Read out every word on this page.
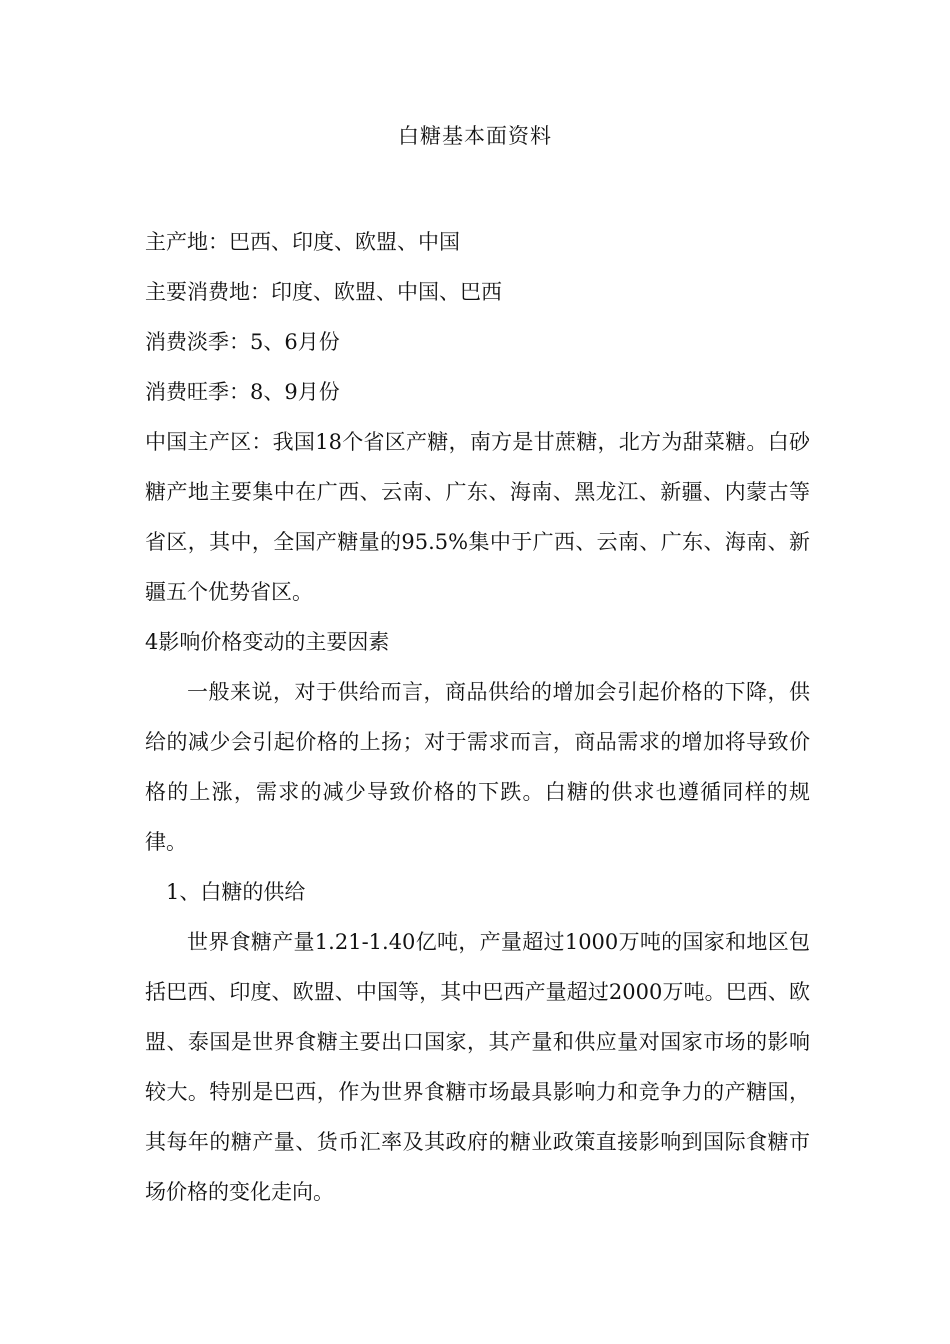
白糖基本面资料

主产地：巴西、印度、欧盟、中国

主要消费地：印度、欧盟、中国、巴西

消费淡季：5、6月份

消费旺季：8、9月份

中国主产区：我国18个省区产糖，南方是甘蔗糖，北方为甜菜糖。白砂糖产地主要集中在广西、云南、广东、海南、黑龙江、新疆、内蒙古等省区，其中，全国产糖量的95.5%集中于广西、云南、广东、海南、新疆五个优势省区。

4影响价格变动的主要因素

一般来说，对于供给而言，商品供给的增加会引起价格的下降，供给的减少会引起价格的上扬；对于需求而言，商品需求的增加将导致价格的上涨，需求的减少导致价格的下跌。白糖的供求也遵循同样的规律。

1、白糖的供给

世界食糖产量1.21-1.40亿吨，产量超过1000万吨的国家和地区包括巴西、印度、欧盟、中国等，其中巴西产量超过2000万吨。巴西、欧盟、泰国是世界食糖主要出口国家，其产量和供应量对国家市场的影响较大。特别是巴西，作为世界食糖市场最具影响力和竞争力的产糖国，其每年的糖产量、货币汇率及其政府的糖业政策直接影响到国际食糖市场价格的变化走向。
